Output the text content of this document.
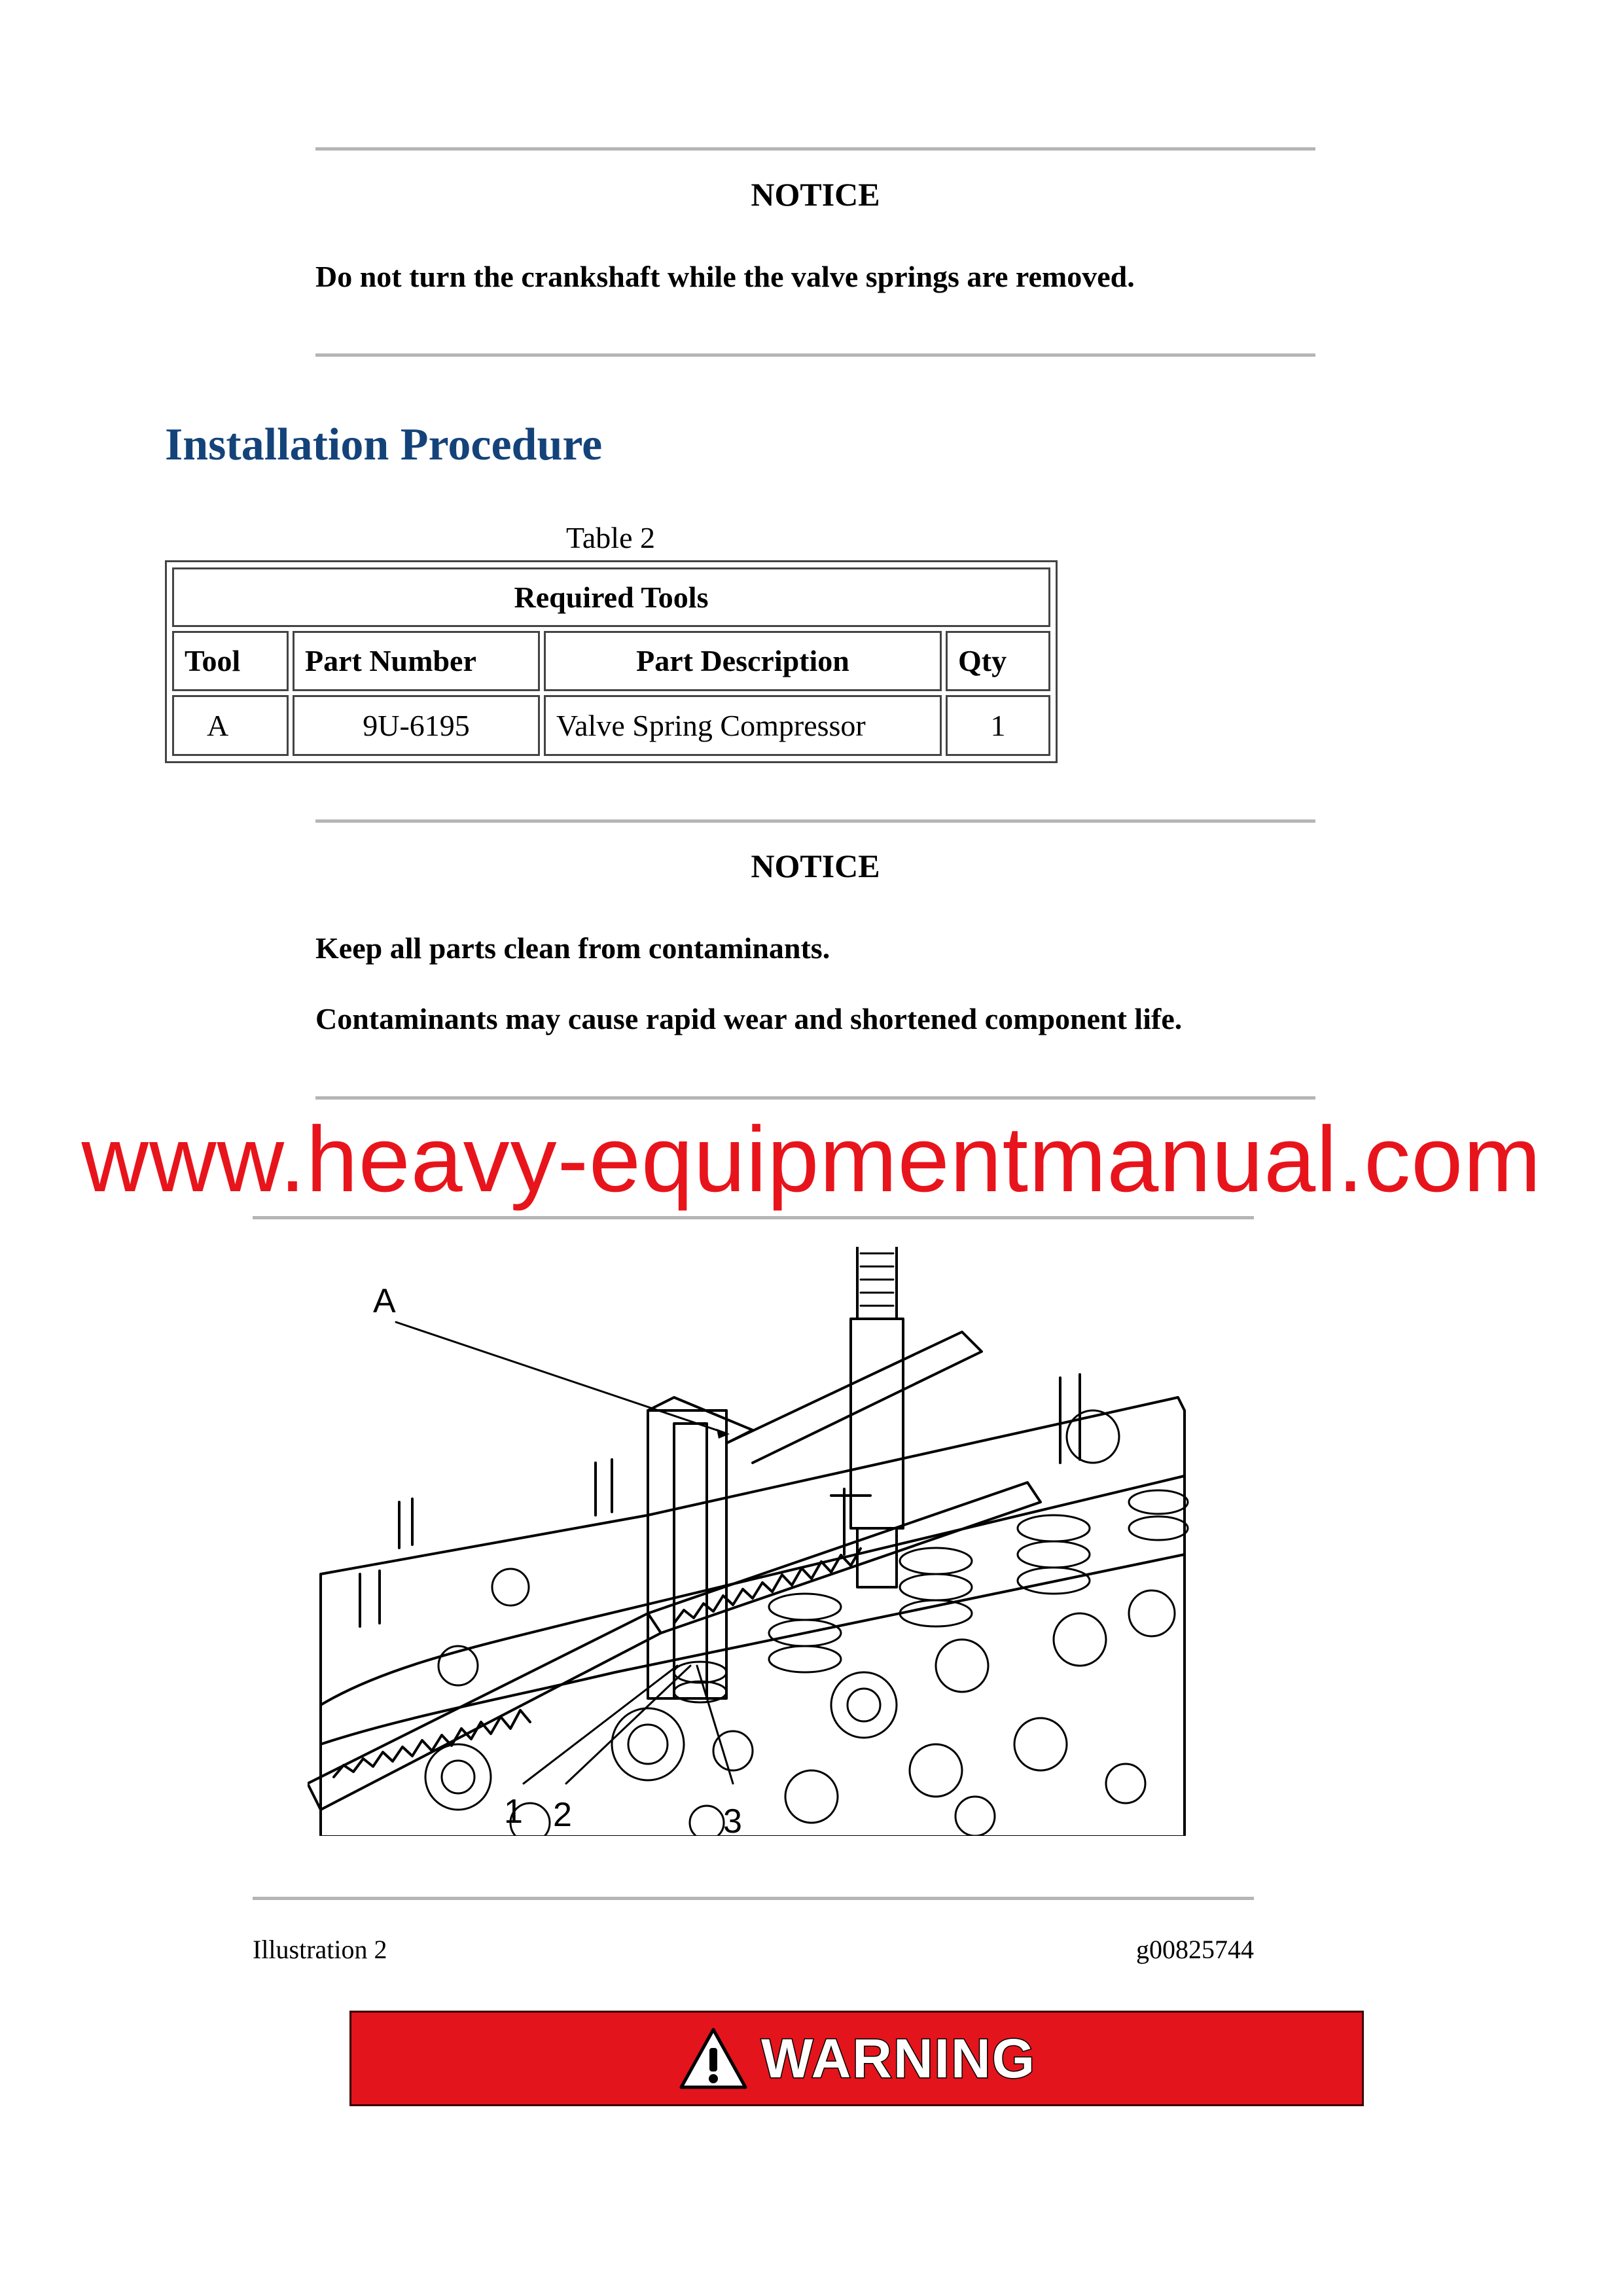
NOTICE
Do not turn the crankshaft while the valve springs are removed.
Installation Procedure
Table 2
Required Tools			
Tool	Part Number	Part Description	Qty
A	9U-6195	Valve Spring Compressor	1
NOTICE
Keep all parts clean from contaminants.
Contaminants may cause rapid wear and shortened component life.
www.heavy-equipmentmanual.com
A
1 2	3
Illustration 2	g00825744
WARNING
